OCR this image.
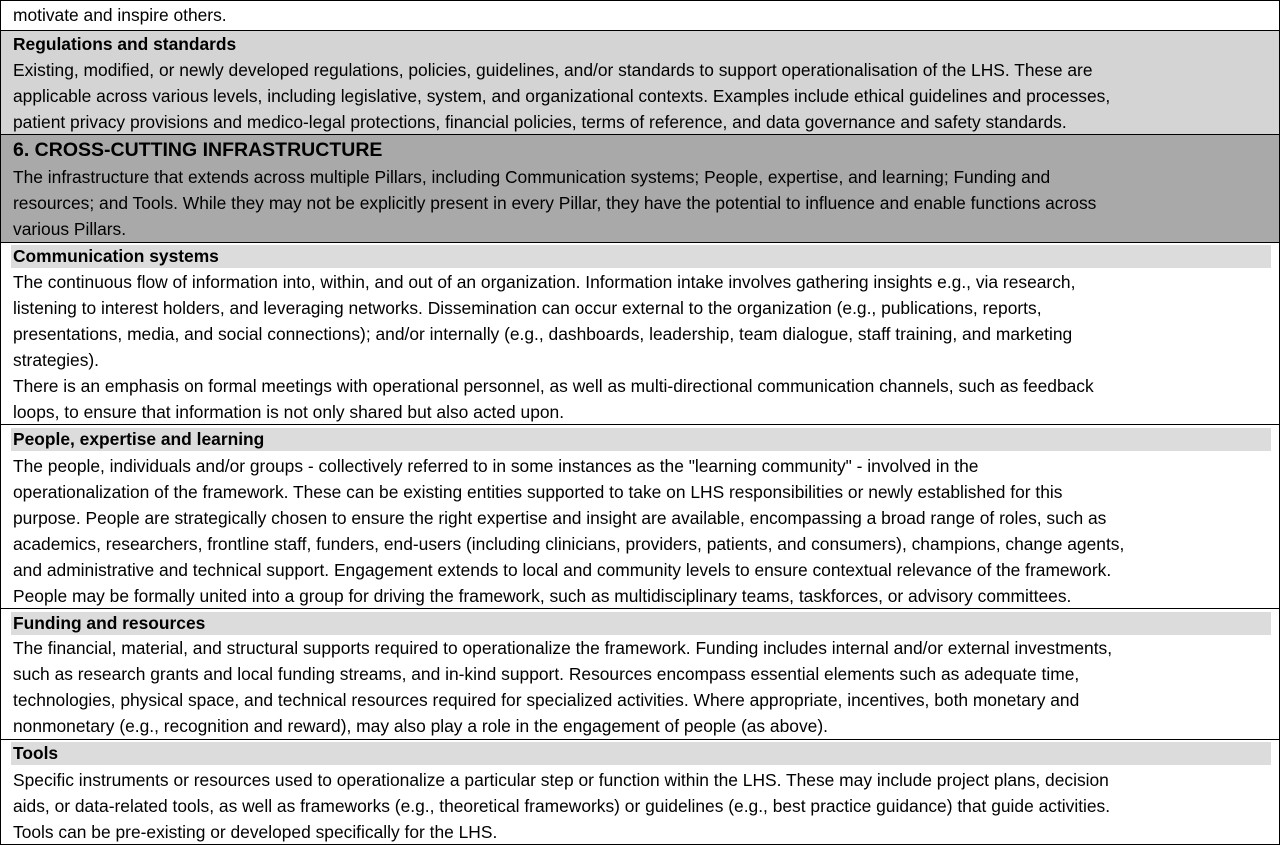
motivate and inspire others.
Regulations and standards
Existing, modified, or newly developed regulations, policies, guidelines, and/or standards to support operationalisation of the LHS. These are
applicable across various levels, including legislative, system, and organizational contexts. Examples include ethical guidelines and processes,
patient privacy provisions and medico-legal protections, financial policies, terms of reference, and data governance and safety standards.
6. CROSS-CUTTING INFRASTRUCTURE
The infrastructure that extends across multiple Pillars, including Communication systems; People, expertise, and learning; Funding and
resources; and Tools. While they may not be explicitly present in every Pillar, they have the potential to influence and enable functions across
various Pillars.
Communication systems
The continuous flow of information into, within, and out of an organization. Information intake involves gathering insights e.g., via research,
listening to interest holders, and leveraging networks. Dissemination can occur external to the organization (e.g., publications, reports,
presentations, media, and social connections); and/or internally (e.g., dashboards, leadership, team dialogue, staff training, and marketing
strategies).
There is an emphasis on formal meetings with operational personnel, as well as multi-directional communication channels, such as feedback
loops, to ensure that information is not only shared but also acted upon.
People, expertise and learning
The people, individuals and/or groups - collectively referred to in some instances as the "learning community" - involved in the
operationalization of the framework. These can be existing entities supported to take on LHS responsibilities or newly established for this
purpose. People are strategically chosen to ensure the right expertise and insight are available, encompassing a broad range of roles, such as
academics, researchers, frontline staff, funders, end-users (including clinicians, providers, patients, and consumers), champions, change agents,
and administrative and technical support. Engagement extends to local and community levels to ensure contextual relevance of the framework.
People may be formally united into a group for driving the framework, such as multidisciplinary teams, taskforces, or advisory committees.
Funding and resources
The financial, material, and structural supports required to operationalize the framework. Funding includes internal and/or external investments,
such as research grants and local funding streams, and in-kind support. Resources encompass essential elements such as adequate time,
technologies, physical space, and technical resources required for specialized activities. Where appropriate, incentives, both monetary and
nonmonetary (e.g., recognition and reward), may also play a role in the engagement of people (as above).
Tools
Specific instruments or resources used to operationalize a particular step or function within the LHS. These may include project plans, decision
aids, or data-related tools, as well as frameworks (e.g., theoretical frameworks) or guidelines (e.g., best practice guidance) that guide activities.
Tools can be pre-existing or developed specifically for the LHS.
